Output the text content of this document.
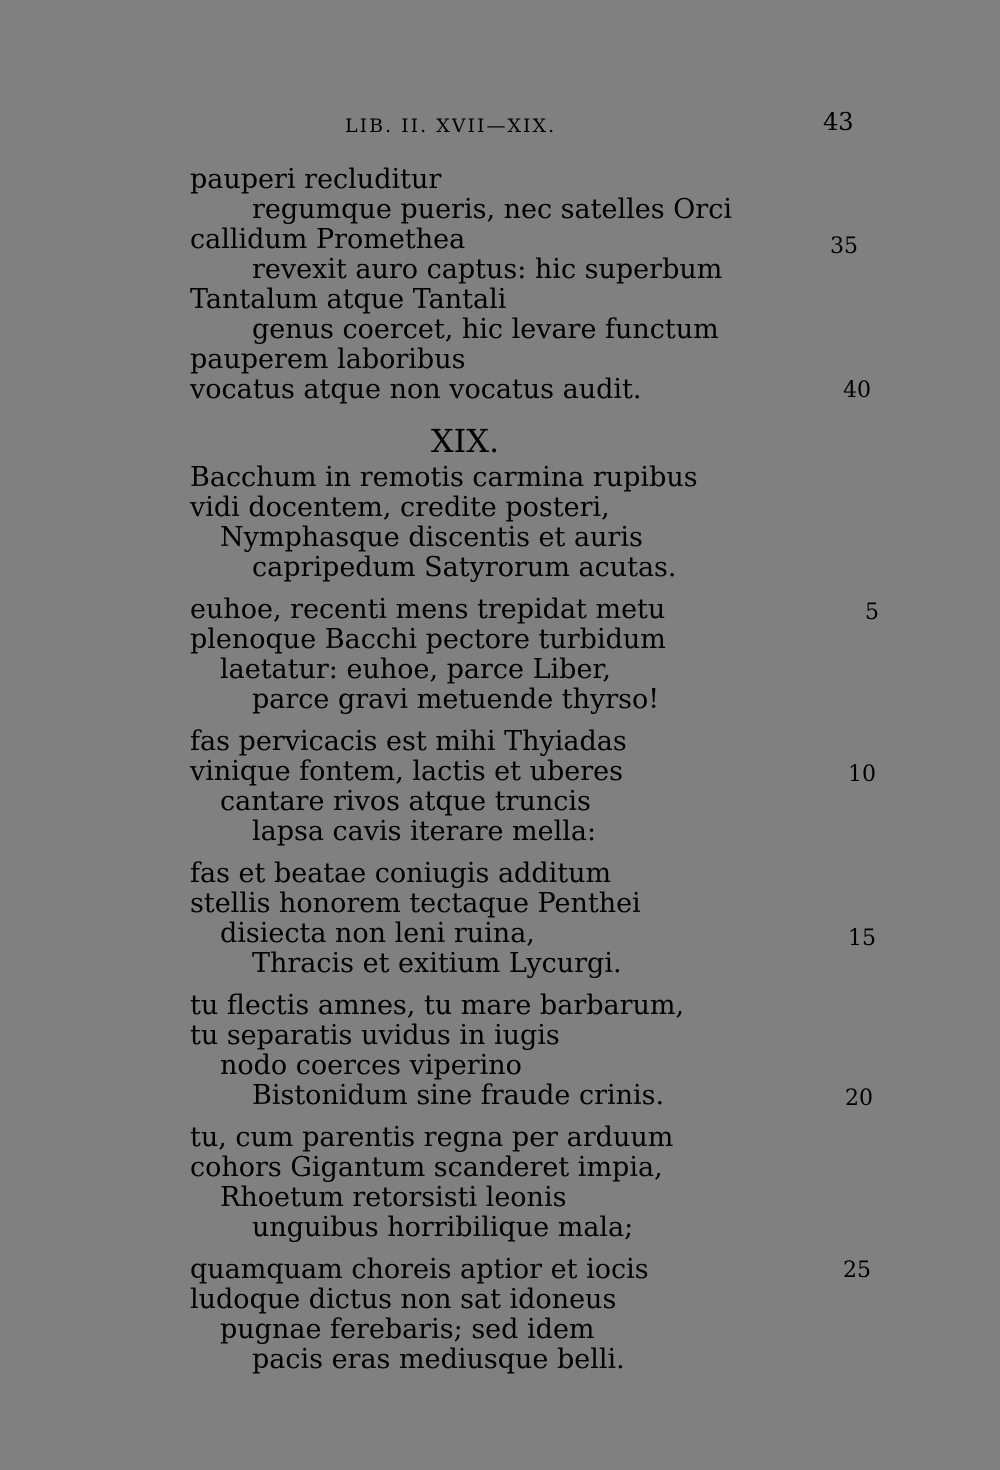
LIB. II. XVII—XIX.	43
pauperi recluditur
regumque pueris, nec satelles Orci
callidum Promethea	35
revexit auro captus: hic superbum
Tantalum atque Tantali
genus coercet, hic levare functum
pauperem laboribus
vocatus atque non vocatus audit.	40
XIX.
Bacchum in remotis carmina rupibus
vidi docentem, credite posteri,
Nymphasque discentis et auris
capripedum Satyrorum acutas.
euhoe, recenti mens trepidat metu	5
plenoque Bacchi pectore turbidum
laetatur: euhoe, parce Liber,
parce gravi metuende thyrso!
fas pervicacis est mihi Thyiadas
vinique fontem, lactis et uberes	10
cantare rivos atque truncis
lapsa cavis iterare mella:
fas et beatae coniugis additum
stellis honorem tectaque Penthei
disiecta non leni ruina,	15
Thracis et exitium Lycurgi.
tu flectis amnes, tu mare barbarum,
tu separatis uvidus in iugis
nodo coerces viperino
Bistonidum sine fraude crinis.	20
tu, cum parentis regna per arduum
cohors Gigantum scanderet impia,
Rhoetum retorsisti leonis
unguibus horribilique mala;
quamquam choreis aptior et iocis	25
ludoque dictus non sat idoneus
pugnae ferebaris; sed idem
pacis eras mediusque belli.
